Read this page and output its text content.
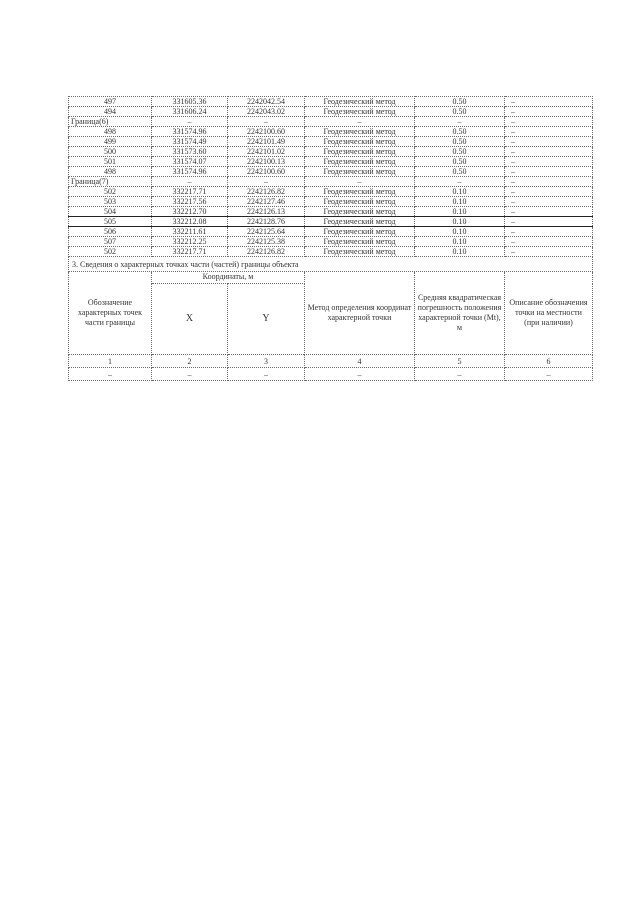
497	331605.36	2242042.54	Геодезический метод	0.50	–
494	331606.24	2242043.02	Геодезический метод	0.50	–
Граница(6)	–	–	–	–	–
498	331574.96	2242100.60	Геодезический метод	0.50	–
499	331574.49	2242101.49	Геодезический метод	0.50	–
500	331573.60	2242101.02	Геодезический метод	0.50	–
501	331574.07	2242100.13	Геодезический метод	0.50	–
498	331574.96	2242100.60	Геодезический метод	0.50	–
Граница(7)	–	–	–	–	–
502	332217.71	2242126.82	Геодезический метод	0.10	–
503	332217.56	2242127.46	Геодезический метод	0.10	–
504	332212.70	2242126.13	Геодезический метод	0.10	–
505	332212.08	2242128.76	Геодезический метод	0.10	–
506	332211.61	2242125.64	Геодезический метод	0.10	–
507	332212.25	2242125.38	Геодезический метод	0.10	–
502	332217.71	2242126.82	Геодезический метод	0.10	–
3. Сведения о характерных точках части (частей) границы объекта					
Обозначение характерных точек части границы	Координаты, м		Метод определения координат характерной точки	Средняя квадратическая погрешность положения характерной точки (Mt), м	Описание обозначения точки на местности (при наличии)
	X	Y			
1	2	3	4	5	6
–	–	–	–	–	–
